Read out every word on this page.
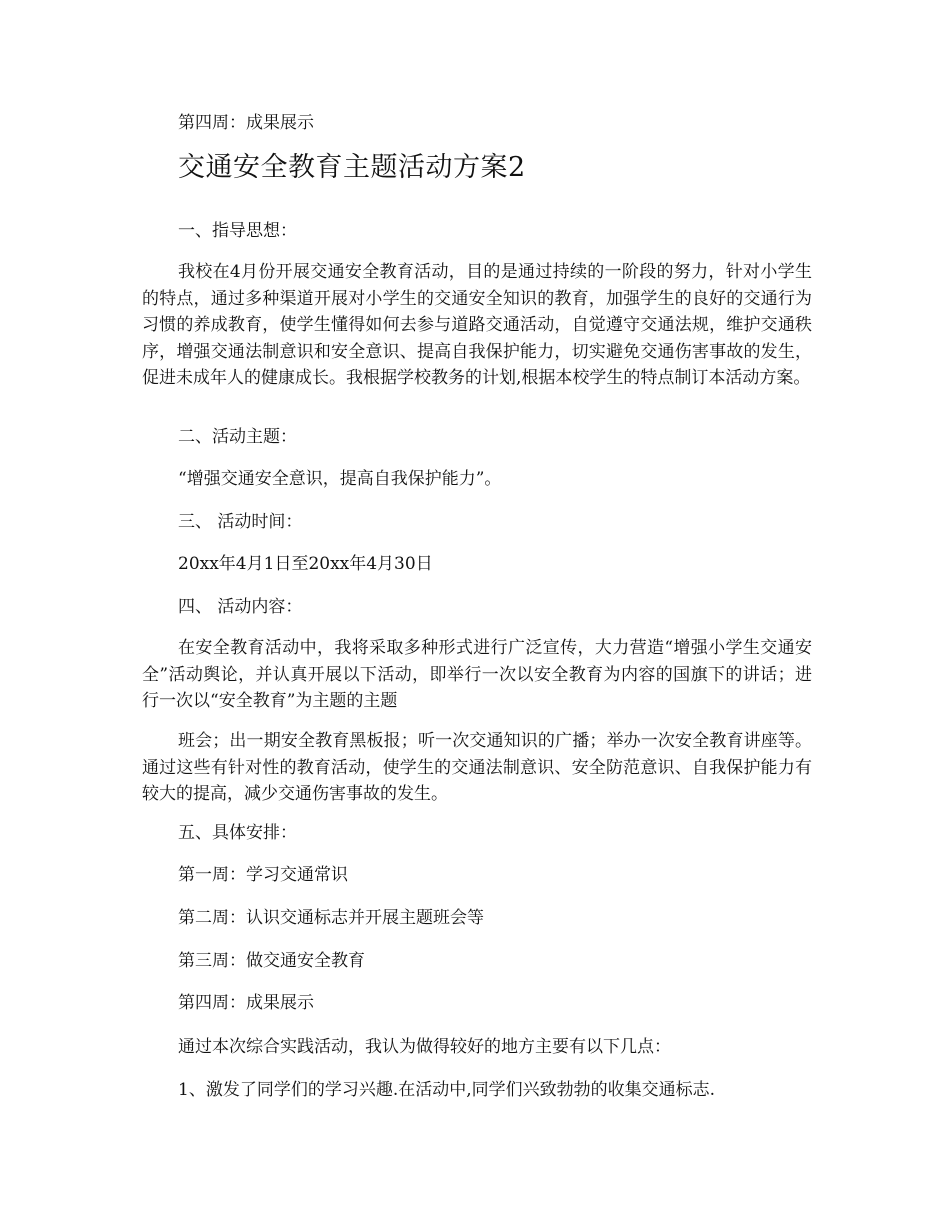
第四周：成果展示
交通安全教育主题活动方案2
一、指导思想：
我校在4月份开展交通安全教育活动，目的是通过持续的一阶段的努力，针对小学生的特点，通过多种渠道开展对小学生的交通安全知识的教育，加强学生的良好的交通行为习惯的养成教育，使学生懂得如何去参与道路交通活动，自觉遵守交通法规，维护交通秩序，增强交通法制意识和安全意识、提高自我保护能力，切实避免交通伤害事故的发生，促进未成年人的健康成长。我根据学校教务的计划,根据本校学生的特点制订本活动方案。
二、活动主题：
“增强交通安全意识，提高自我保护能力”。
三、 活动时间：
20xx年4月1日至20xx年4月30日
四、 活动内容：
在安全教育活动中，我将采取多种形式进行广泛宣传，大力营造“增强小学生交通安全”活动舆论，并认真开展以下活动，即举行一次以安全教育为内容的国旗下的讲话；进行一次以“安全教育”为主题的主题
班会；出一期安全教育黑板报；听一次交通知识的广播；举办一次安全教育讲座等。通过这些有针对性的教育活动，使学生的交通法制意识、安全防范意识、自我保护能力有较大的提高，减少交通伤害事故的发生。
五、具体安排：
第一周：学习交通常识
第二周：认识交通标志并开展主题班会等
第三周：做交通安全教育
第四周：成果展示
通过本次综合实践活动，我认为做得较好的地方主要有以下几点：
1、激发了同学们的学习兴趣.在活动中,同学们兴致勃勃的收集交通标志.
